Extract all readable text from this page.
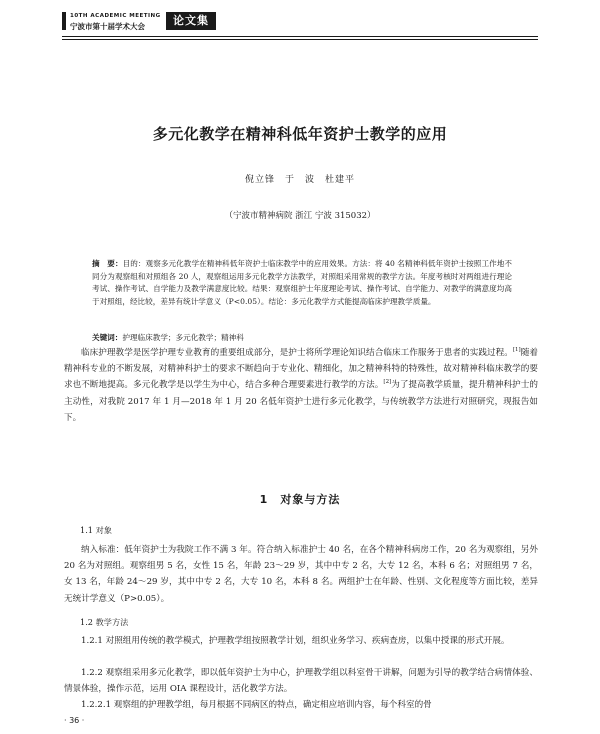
10TH ACADEMIC MEETING
宁波市第十届学术大会	论文集
多元化教学在精神科低年资护士教学的应用
倪立锋　于　波　杜建平
（宁波市精神病院 浙江 宁波 315032）
摘　要：目的：观察多元化教学在精神科低年资护士临床教学中的应用效果。方法：将 40 名精神科低年资护士按照工作地不同分为观察组和对照组各 20 人，观察组运用多元化教学方法教学，对照组采用常规的教学方法。年度考核时对两组进行理论考试、操作考试、自学能力及教学满意度比较。结果：观察组护士年度理论考试、操作考试、自学能力、对教学的满意度均高于对照组，经比较，差异有统计学意义（P<0.05）。结论：多元化教学方式能提高临床护理教学质量。
关键词：护理临床教学；多元化教学；精神科
临床护理教学是医学护理专业教育的重要组成部分，是护士将所学理论知识结合临床工作服务于患者的实践过程。[1]随着精神科专业的不断发展，对精神科护士的要求不断趋向于专业化、精细化，加之精神科特的特殊性，故对精神科临床教学的要求也不断地提高。多元化教学是以学生为中心，结合多种合理要素进行教学的方法。[2]为了提高教学质量，提升精神科护士的主动性，对我院 2017 年 1 月—2018 年 1 月 20 名低年资护士进行多元化教学，与传统教学方法进行对照研究，现报告如下。
1　对象与方法
1.1 对象
纳入标准：低年资护士为我院工作不满 3 年。符合纳入标准护士 40 名，在各个精神科病房工作，20 名为观察组，另外 20 名为对照组。观察组男 5 名，女性 15 名，年龄 23～29 岁，其中中专 2 名，大专 12 名，本科 6 名；对照组男 7 名，女 13 名，年龄 24～29 岁，其中中专 2 名，大专 10 名，本科 8 名。两组护士在年龄、性别、文化程度等方面比较，差异无统计学意义（P>0.05）。
1.2 教学方法
1.2.1 对照组用传统的教学模式，护理教学组按照教学计划，组织业务学习、疾病查房，以集中授课的形式开展。
1.2.2 观察组采用多元化教学，即以低年资护士为中心，护理教学组以科室骨干讲解，问题为引导的教学结合病情体验、情景体验，操作示范，运用 OIA 课程设计，活化教学方法。
1.2.2.1 观察组的护理教学组，每月根据不同病区的特点，确定相应培训内容，每个科室的骨
· 36 ·
